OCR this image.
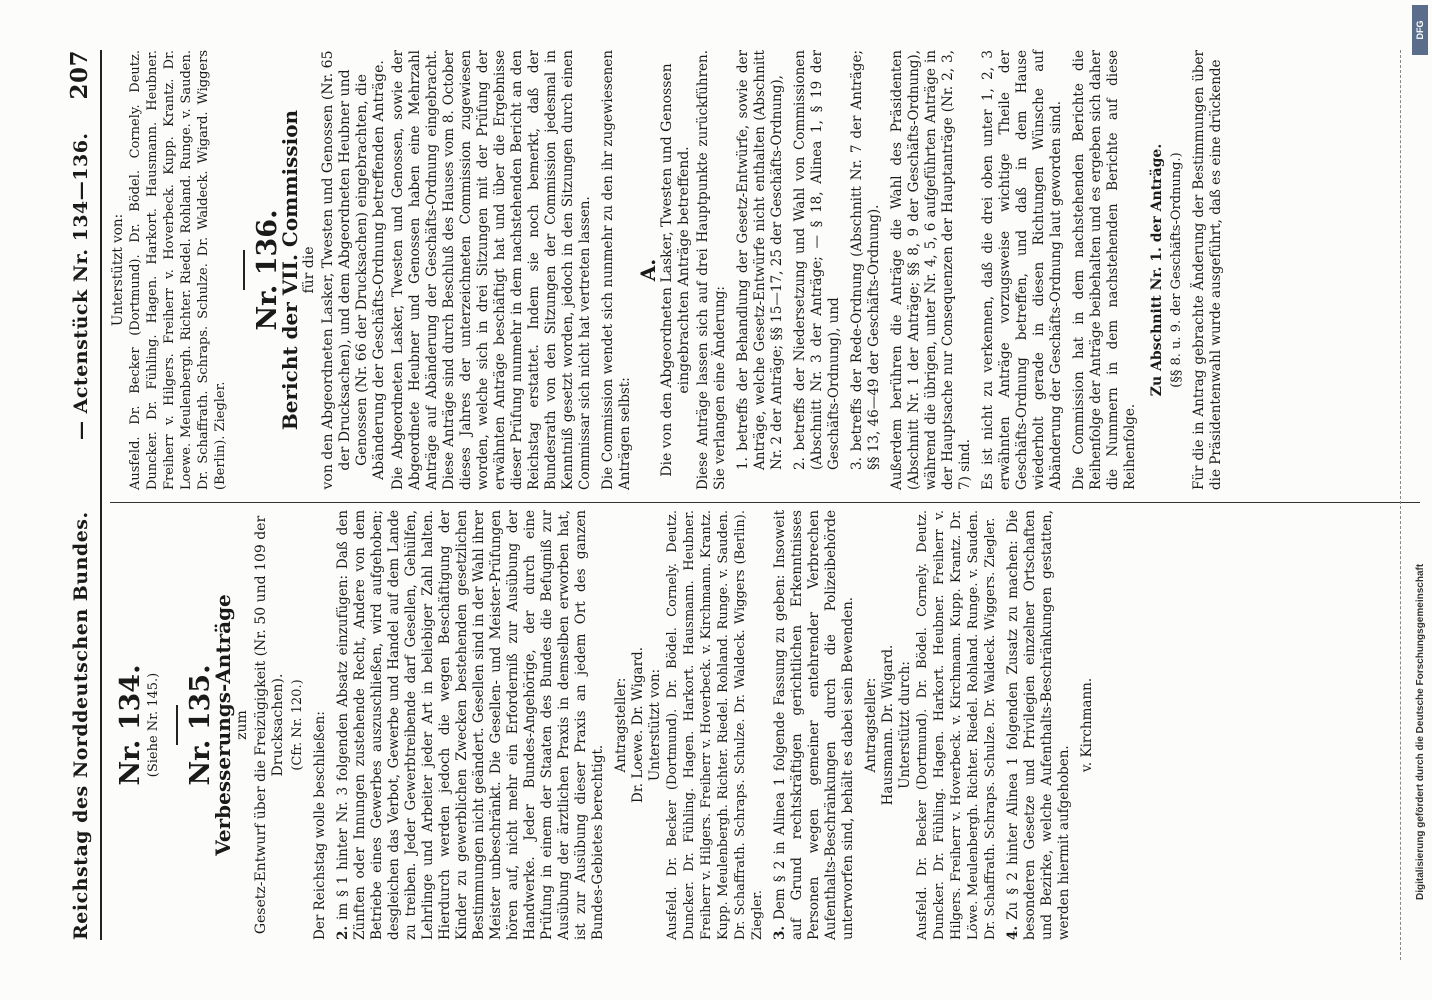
Reichstag des Norddeutschen Bundes.
— Actenstück Nr. 134—136.
207
Nr. 134. (Siehe Nr. 145.) Nr. 135.
Verbesserungs-Anträge zum Gesetz-Entwurf über die Freizügigkeit (Nr. 50 und 109 der Drucksachen). (Cfr. Nr. 120.) Der Reichstag wolle beschließen: 2.im § 1 hinter Nr. 3 folgenden Absatz einzufügen: Daß den Zünften oder Innungen zustehende Recht, Andere von dem Betriebe eines Gewerbes auszuschließen, wird aufgehoben; desgleichen das Verbot, Gewerbe und Handel auf dem Lande zu treiben. Jeder Gewerbtreibende darf Gesellen, Gehülfen, Lehrlinge und Arbeiter jeder Art in beliebiger Zahl halten. Hierdurch werden jedoch die wegen Beschäftigung der Kinder zu gewerblichen Zwecken bestehenden gesetzlichen Bestimmungen nicht geändert. Gesellen sind in der Wahl ihrer Meister unbeschränkt. Die Gesellen- und Meister-Prüfungen hören auf, nicht mehr ein Erforderniß zur Ausübung der Handwerke. Jeder Bundes-Angehörige, der durch eine Prüfung in einem der Staaten des Bundes die Befugniß zur Ausübung der ärztlichen Praxis in demselben erworben hat, ist zur Ausübung dieser Praxis an jedem Ort des ganzen Bundes-Gebietes berechtigt.

Antragsteller: Dr. Loewe. Dr. Wigard. Unterstützt von: Ausfeld. Dr. Becker (Dortmund). Dr. Bödel. Cornely. Deutz. Duncker. Dr. Fühling. Hagen. Harkort. Hausmann. Heubner. Freiherr v. Hilgers. Freiherr v. Hoverbeck. v. Kirchmann. Krantz. Kupp. Meulenbergh. Richter. Riedel. Rohland. Runge. v. Sauden. Dr. Schaffrath. Schraps. Schulze. Dr. Waldeck. Wiggers (Berlin). Ziegler. 3.Dem § 2 in Alinea 1 folgende Fassung zu geben: Insoweit auf Grund rechtskräftigen gerichtlichen Erkenntnisses Personen wegen gemeiner entehrender Verbrechen Aufenthalts-Beschränkungen durch die Polizeibehörde unterworfen sind, behält es dabei sein Bewenden. Antragsteller: Hausmann. Dr. Wigard. Unterstützt durch: Ausfeld. Dr. Becker (Dortmund). Dr. Bödel. Cornely. Deutz. Duncker. Dr. Fühling. Hagen. Harkort. Heubner. Freiherr v. Hilgers. Freiherr v. Hoverbeck. v. Kirchmann. Kupp. Krantz. Dr. Löwe. Meulenbergh. Richter. Riedel. Rohland. Runge. v. Sauden. Dr. Schaffrath. Schraps. Schulze. Dr. Waldeck. Wiggers. Ziegler. 4.Zu § 2 hinter Alinea 1 folgenden Zusatz zu machen: Die besonderen Gesetze und Privilegien einzelner Ortschaften und Bezirke, welche Aufenthalts-Beschränkungen gestatten, werden hiermit aufgehoben.

v. Kirchmann.
Unterstützt von: Ausfeld. Dr. Becker (Dortmund). Dr. Bödel. Cornely. Deutz. Duncker. Dr. Fühling. Hagen. Harkort. Hausmann. Heubner. Freiherr v. Hilgers. Freiherr v. Hoverbeck. Kupp. Krantz. Dr. Loewe. Meulenbergh. Richter. Riedel. Rohland. Runge. v. Sauden. Dr. Schaffrath. Schraps. Schulze. Dr. Waldeck. Wigard. Wiggers (Berlin). Ziegler.

Nr. 136.
Bericht der VII. Commission für die von den Abgeordneten Lasker, Twesten und Genossen (Nr. 65 der Drucksachen), und dem Abgeordneten Heubner und Genossen (Nr. 66 der Drucksachen) eingebrachten, die Abänderung der Geschäfts-Ordnung betreffenden Anträge. Die Abgeordneten Lasker, Twesten und Genossen, sowie der Abgeordnete Heubner und Genossen haben eine Mehrzahl Anträge auf Abänderung der Geschäfts-Ordnung eingebracht. Diese Anträge sind durch Beschluß des Hauses vom 8. October dieses Jahres der unterzeichneten Commission zugewiesen worden, welche sich in drei Sitzungen mit der Prüfung der erwähnten Anträge beschäftigt hat und über die Ergebnisse dieser Prüfung nunmehr in dem nachstehenden Bericht an den Reichstag erstattet. Indem sie noch bemerkt, daß der Bundesrath von den Sitzungen der Commission jedesmal in Kenntniß gesetzt worden, jedoch in den Sitzungen durch einen Commissar sich nicht hat vertreten lassen. Die Commission wendet sich nunmehr zu den ihr zugewiesenen Anträgen selbst:

A. Die von den Abgeordneten Lasker, Twesten und Genossen eingebrachten Anträge betreffend. Diese Anträge lassen sich auf drei Hauptpunkte zurückführen. Sie verlangen eine Änderung: 1. betreffs der Behandlung der Gesetz-Entwürfe, sowie der Anträge, welche Gesetz-Entwürfe nicht enthalten (Abschnitt Nr. 2 der Anträge; §§ 15—17, 25 der Geschäfts-Ordnung), 2. betreffs der Niedersetzung und Wahl von Commissionen (Abschnitt Nr. 3 der Anträge; — § 18, Alinea 1, § 19 der Geschäfts-Ordnung), und 3. betreffs der Rede-Ordnung (Abschnitt Nr. 7 der Anträge; §§ 13, 46—49 der Geschäfts-Ordnung). Außerdem berühren die Anträge die Wahl des Präsidenten (Abschnitt Nr. 1 der Anträge; §§ 8, 9 der Geschäfts-Ordnung), während die übrigen, unter Nr. 4, 5, 6 aufgeführten Anträge in der Hauptsache nur Consequenzen der Hauptanträge (Nr. 2, 3, 7) sind. Es ist nicht zu verkennen, daß die drei oben unter 1, 2, 3 erwähnten Anträge vorzugsweise wichtige Theile der Geschäfts-Ordnung betreffen, und daß in dem Hause wiederholt gerade in diesen Richtungen Wünsche auf Abänderung der Geschäfts-Ordnung laut geworden sind. Die Commission hat in dem nachstehenden Berichte die Reihenfolge der Anträge beibehalten und es ergeben sich daher die Nummern in dem nachstehenden Berichte auf diese Reihenfolge.

Zu Abschnitt Nr. 1. der Anträge. (§§ 8. u. 9. der Geschäfts-Ordnung.) Für die in Antrag gebrachte Änderung der Bestimmungen über die Präsidentenwahl wurde ausgeführt, daß es eine drückende

Digitalisierung gefördert durch die Deutsche Forschungsgemeinschaft
DFG
